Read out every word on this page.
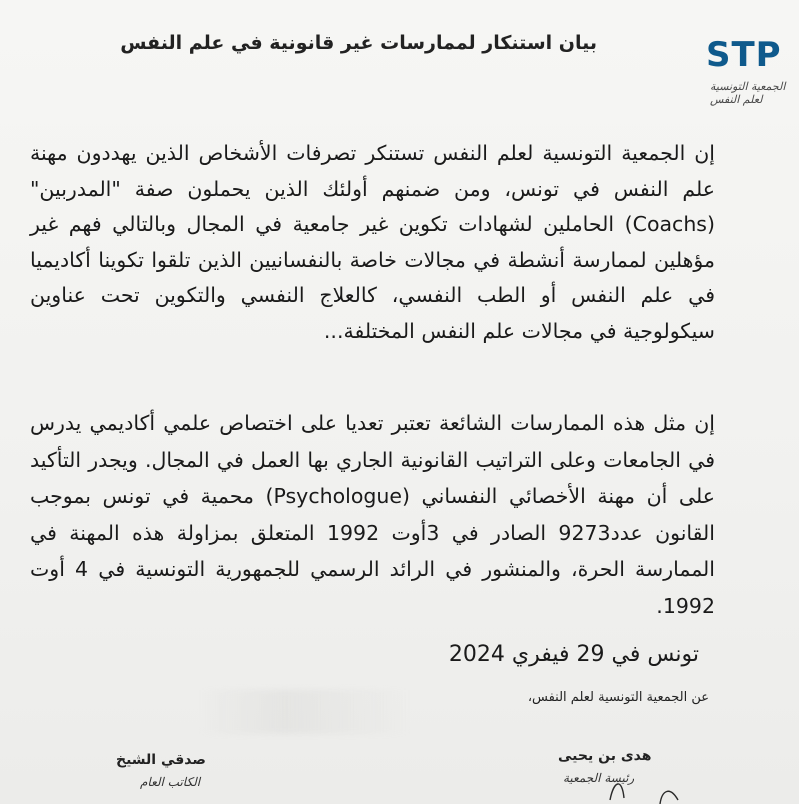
STP
الجمعية التونسية لعلم النفس
بيان استنكار لممارسات غير قانونية في علم النفس
إن الجمعية التونسية لعلم النفس تستنكر تصرفات الأشخاص الذين يهددون مهنة علم النفس في تونس، ومن ضمنهم أولئك الذين يحملون صفة "المدربين"(Coachs) الحاملين لشهادات تكوين غير جامعية في المجال وبالتالي فهم غير مؤهلين لممارسة أنشطة في مجالات خاصة بالنفسانيين الذين تلقوا تكوينا أكاديميا في علم النفس أو الطب النفسي، كالعلاج النفسي والتكوين تحت عناوين سيكولوجية في مجالات علم النفس المختلفة...
إن مثل هذه الممارسات الشائعة تعتبر تعديا على اختصاص علمي أكاديمي يدرس في الجامعات وعلى التراتيب القانونية الجاري بها العمل في المجال. ويجدر التأكيد على أن مهنة الأخصائي النفساني (Psychologue) محمية في تونس بموجب القانون عدد9273 الصادر في 3أوت 1992 المتعلق بمزاولة هذه المهنة في الممارسة الحرة، والمنشور في الرائد الرسمي للجمهورية التونسية في 4 أوت 1992.
تونس في 29 فيفري 2024
عن الجمعية التونسية لعلم النفس،
صدقي الشيخ
الكاتب العام
هدى بن يحيى
رئيسة الجمعية
